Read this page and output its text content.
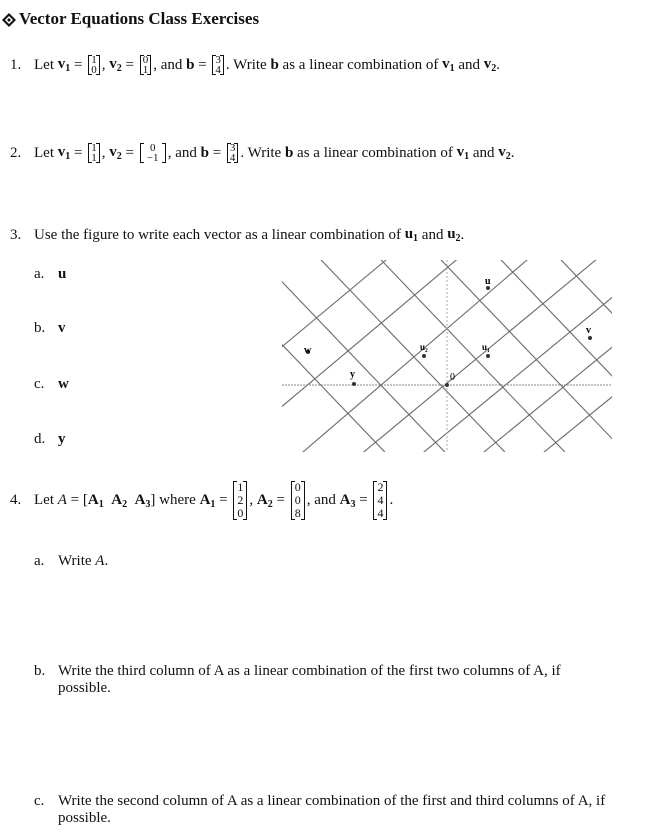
Vector Equations Class Exercises
1. Let
$v_1 = 1$
0 , $v_2 = 0$
1 , and
b = 3
4 . Write
b
as a linear combination of
$v_1$
and
$v_2$ .
2. Let
$v_1 = 1$
1 , $v_2 = 0$
−1 , and
b = 3
4 . Write
b
as a linear combination of
$v_1$
and
$v_2$ .
3. Use the figure to write each vector as a linear combination of
$u_1$
and
$u_2$ .
a. u
b. v
c. w
d. y
w
y
u₂
0
u₁
u
v
4. Let
A
= [ $A_1$
$A_2$
$A_3$ ]
where
$A_1$ =
1
2
0
, $A_2$ =
0
0
8
, and
$A_3$ =
2
4
4
.
a. Write A.
b. Write the third column of A as a linear combination of the first two columns of A, if possible.
c. Write the second column of A as a linear combination of the first and third columns of A, if possible.
